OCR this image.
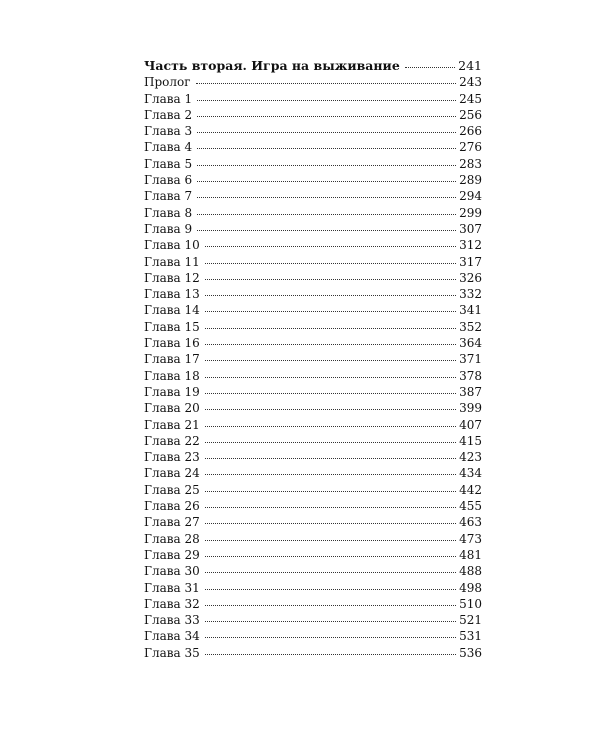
Часть вторая. Игра на выживание	241
Пролог	243
Глава 1	245
Глава 2	256
Глава 3	266
Глава 4	276
Глава 5	283
Глава 6	289
Глава 7	294
Глава 8	299
Глава 9	307
Глава 10	312
Глава 11	317
Глава 12	326
Глава 13	332
Глава 14	341
Глава 15	352
Глава 16	364
Глава 17	371
Глава 18	378
Глава 19	387
Глава 20	399
Глава 21	407
Глава 22	415
Глава 23	423
Глава 24	434
Глава 25	442
Глава 26	455
Глава 27	463
Глава 28	473
Глава 29	481
Глава 30	488
Глава 31	498
Глава 32	510
Глава 33	521
Глава 34	531
Глава 35	536
